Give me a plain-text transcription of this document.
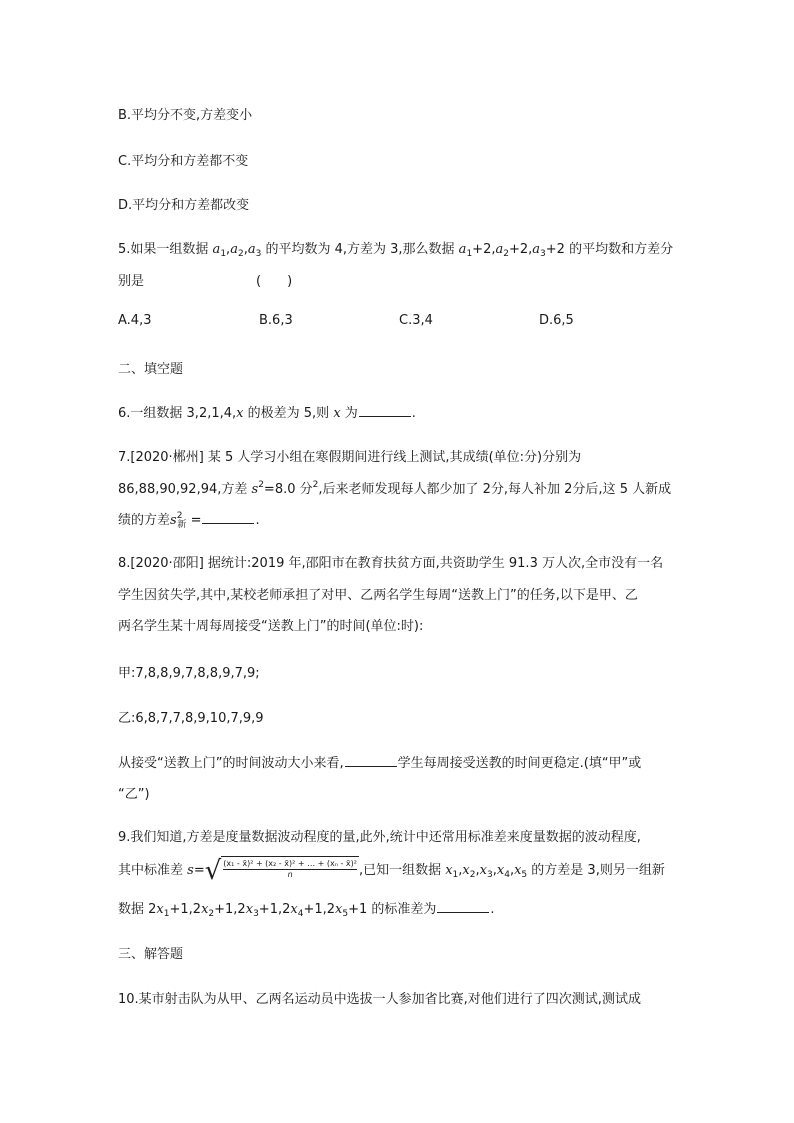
B.平均分不变,方差变小
C.平均分和方差都不变
D.平均分和方差都改变
5.如果一组数据 $a_1,a_2,a_3$ 的平均数为 4,方差为 3,那么数据 $a_1+2,a_2+2,a_3+2$ 的平均数和方差分
别是	(　　)
A.4,3	B.6,3	C.3,4	D.6,5
二、填空题
6.一组数据 3,2,1,4,x 的极差为 5,则 x 为	.
7.[2020·郴州] 某 5 人学习小组在寒假期间进行线上测试,其成绩(单位:分)分别为
86,88,90,92,94,方差 $s^2=8.0$ 分$^2$,后来老师发现每人都少加了 2分,每人补加 2分后,这 5 人新成
绩的方差$s^2_新$ =	.
8.[2020·邵阳] 据统计:2019 年,邵阳市在教育扶贫方面,共资助学生 91.3 万人次,全市没有一名
学生因贫失学,其中,某校老师承担了对甲、乙两名学生每周“送教上门”的任务,以下是甲、乙
两名学生某十周每周接受“送教上门”的时间(单位:时):
甲:7,8,8,9,7,8,8,9,7,9;
乙:6,8,7,7,8,9,10,7,9,9
从接受“送教上门”的时间波动大小来看,	学生每周接受送教的时间更稳定.(填“甲”或
“乙”)
9.我们知道,方差是度量数据波动程度的量,此外,统计中还常用标准差来度量数据的波动程度,
其中标准差 $s=√ \frac{\text{(x₁ - x̄)² + (x₂ - x̄)² + … + (xₙ - x̄)²}}{n}$ ,已知一组数据 $x_1,x_2,x_3,x_4,x_5$ 的方差是 3,则另一组新
数据 $2x_1+1,2x_2+1,2x_3+1,2x_4+1,2x_5+1$ 的标准差为	.
三、解答题
10.某市射击队为从甲、乙两名运动员中选拔一人参加省比赛,对他们进行了四次测试,测试成
